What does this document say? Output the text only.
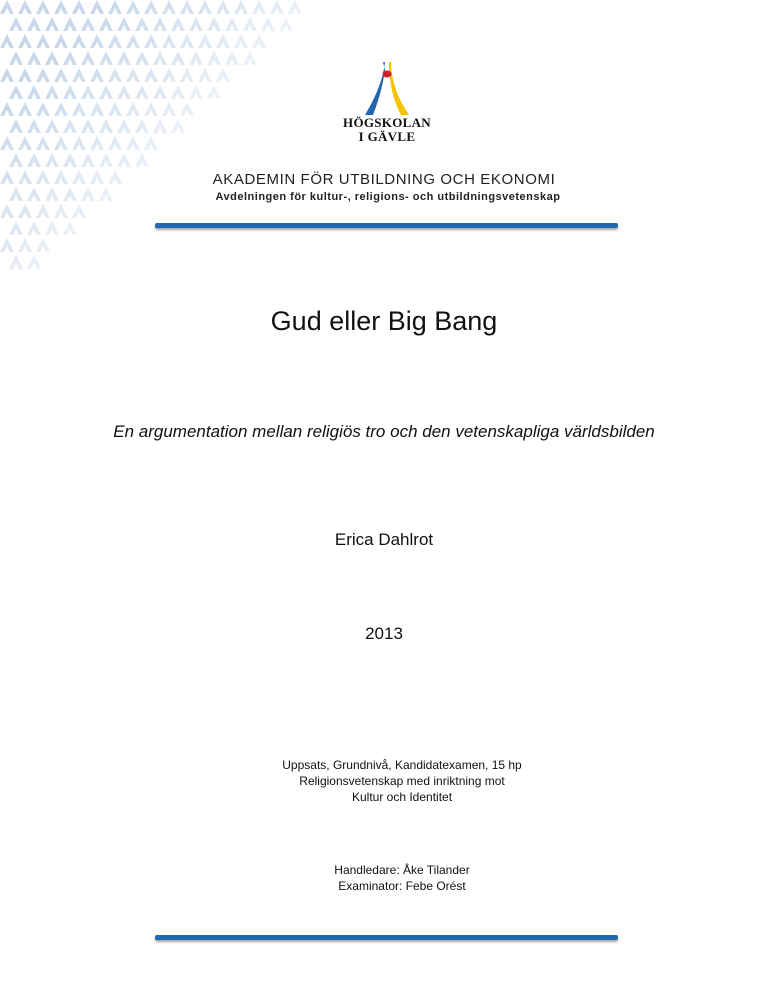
HÖGSKOLAN
I GÄVLE
AKADEMIN FÖR UTBILDNING OCH EKONOMI
Avdelningen för kultur-, religions- och utbildningsvetenskap
Gud eller Big Bang
En argumentation mellan religiös tro och den vetenskapliga världsbilden
Erica Dahlrot
2013
Uppsats, Grundnivå, Kandidatexamen, 15 hp
Religionsvetenskap med inriktning mot
Kultur och Identitet
Handledare: Åke Tilander
Examinator: Febe Orést
